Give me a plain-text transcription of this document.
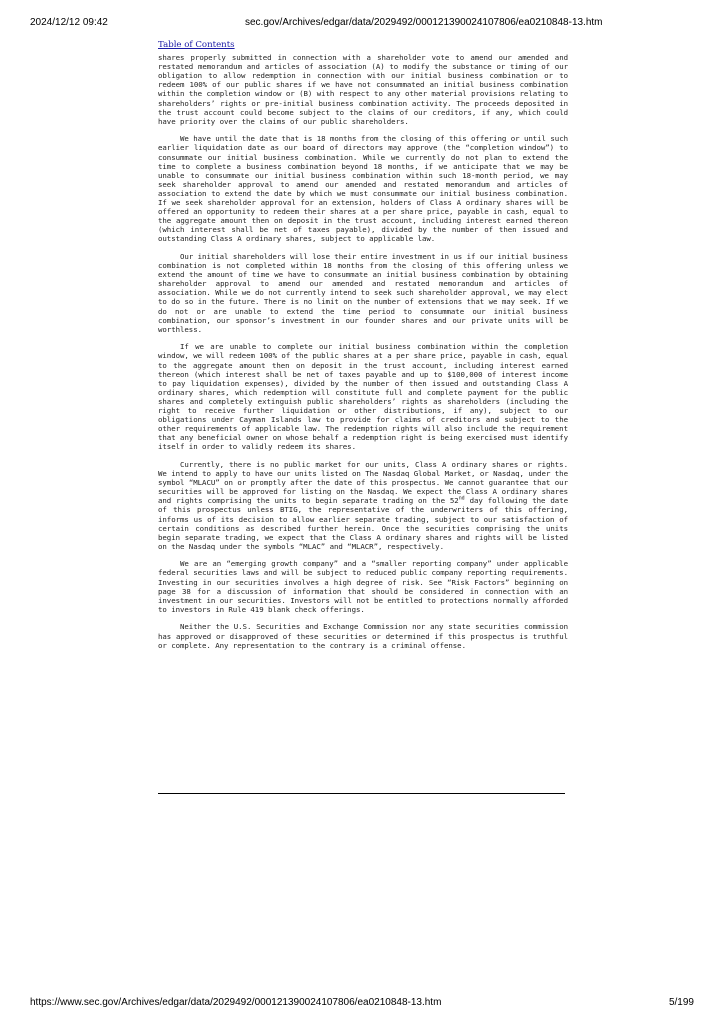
2024/12/12 09:42	sec.gov/Archives/edgar/data/2029492/000121390024107806/ea0210848-13.htm
Table of Contents

shares properly submitted in connection with a shareholder vote to amend our amended and restated memorandum and articles of association (A) to modify the substance or timing of our obligation to allow redemption in connection with our initial business combination or to redeem 100% of our public shares if we have not consummated an initial business combination within the completion window or (B) with respect to any other material provisions relating to shareholders’ rights or pre-initial business combination activity. The proceeds deposited in the trust account could become subject to the claims of our creditors, if any, which could have priority over the claims of our public shareholders.

We have until the date that is 18 months from the closing of this offering or until such earlier liquidation date as our board of directors may approve (the “completion window”) to consummate our initial business combination. While we currently do not plan to extend the time to complete a business combination beyond 18 months, if we anticipate that we may be unable to consummate our initial business combination within such 18-month period, we may seek shareholder approval to amend our amended and restated memorandum and articles of association to extend the date by which we must consummate our initial business combination. If we seek shareholder approval for an extension, holders of Class A ordinary shares will be offered an opportunity to redeem their shares at a per share price, payable in cash, equal to the aggregate amount then on deposit in the trust account, including interest earned thereon (which interest shall be net of taxes payable), divided by the number of then issued and outstanding Class A ordinary shares, subject to applicable law.

Our initial shareholders will lose their entire investment in us if our initial business combination is not completed within 18 months from the closing of this offering unless we extend the amount of time we have to consummate an initial business combination by obtaining shareholder approval to amend our amended and restated memorandum and articles of association. While we do not currently intend to seek such shareholder approval, we may elect to do so in the future. There is no limit on the number of extensions that we may seek. If we do not or are unable to extend the time period to consummate our initial business combination, our sponsor’s investment in our founder shares and our private units will be worthless.

If we are unable to complete our initial business combination within the completion window, we will redeem 100% of the public shares at a per share price, payable in cash, equal to the aggregate amount then on deposit in the trust account, including interest earned thereon (which interest shall be net of taxes payable and up to $100,000 of interest income to pay liquidation expenses), divided by the number of then issued and outstanding Class A ordinary shares, which redemption will constitute full and complete payment for the public shares and completely extinguish public shareholders’ rights as shareholders (including the right to receive further liquidation or other distributions, if any), subject to our obligations under Cayman Islands law to provide for claims of creditors and subject to the other requirements of applicable law. The redemption rights will also include the requirement that any beneficial owner on whose behalf a redemption right is being exercised must identify itself in order to validly redeem its shares.

Currently, there is no public market for our units, Class A ordinary shares or rights. We intend to apply to have our units listed on The Nasdaq Global Market, or Nasdaq, under the symbol “MLACU” on or promptly after the date of this prospectus. We cannot guarantee that our securities will be approved for listing on the Nasdaq. We expect the Class A ordinary shares and rights comprising the units to begin separate trading on the 52nd day following the date of this prospectus unless BTIG, the representative of the underwriters of this offering, informs us of its decision to allow earlier separate trading, subject to our satisfaction of certain conditions as described further herein. Once the securities comprising the units begin separate trading, we expect that the Class A ordinary shares and rights will be listed on the Nasdaq under the symbols “MLAC” and “MLACR”, respectively.

We are an “emerging growth company” and a “smaller reporting company” under applicable federal securities laws and will be subject to reduced public company reporting requirements. Investing in our securities involves a high degree of risk. See “Risk Factors” beginning on page 38 for a discussion of information that should be considered in connection with an investment in our securities. Investors will not be entitled to protections normally afforded to investors in Rule 419 blank check offerings.

Neither the U.S. Securities and Exchange Commission nor any state securities commission has approved or disapproved of these securities or determined if this prospectus is truthful or complete. Any representation to the contrary is a criminal offense.

https://www.sec.gov/Archives/edgar/data/2029492/000121390024107806/ea0210848-13.htm	5/199
